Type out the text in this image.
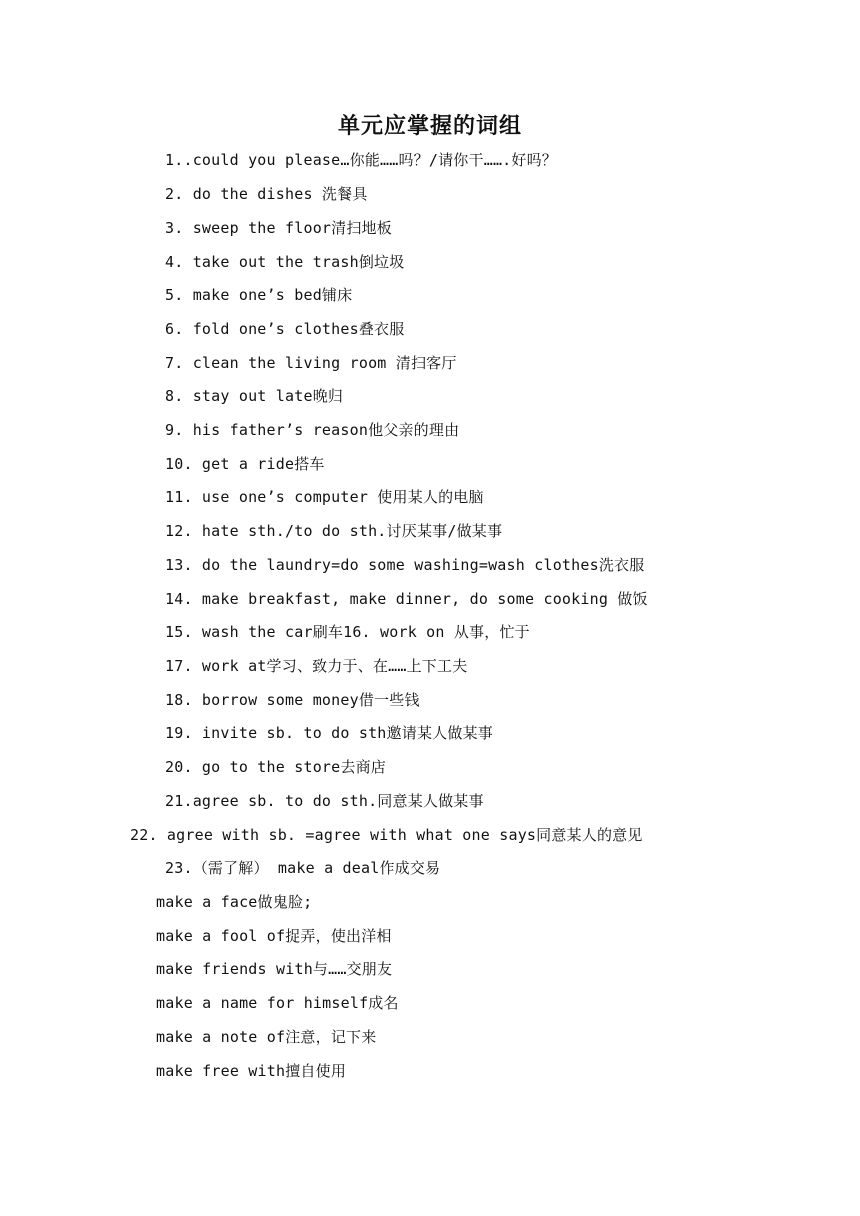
单元应掌握的词组
1..could you please…你能……吗？/请你干…….好吗？
2. do the dishes 洗餐具
3. sweep the floor清扫地板
4. take out the trash倒垃圾
5. make one’s bed铺床
6. fold one’s clothes叠衣服
7. clean the living room 清扫客厅
8. stay out late晚归
9. his father’s reason他父亲的理由
10. get a ride搭车
11. use one’s computer 使用某人的电脑
12. hate sth./to do sth.讨厌某事/做某事
13. do the laundry=do some washing=wash clothes洗衣服
14. make breakfast, make dinner, do some cooking 做饭
15. wash the car刷车16. work on 从事，忙于
17. work at学习、致力于、在……上下工夫
18. borrow some money借一些钱
19. invite sb. to do sth邀请某人做某事
20. go to the store去商店
21.agree sb. to do sth.同意某人做某事
22. agree with sb. =agree with what one says同意某人的意见
23.（需了解） make a deal作成交易
make a face做鬼脸;
make a fool of捉弄，使出洋相
make friends with与……交朋友
make a name for himself成名
make a note of注意，记下来
make free with擅自使用
